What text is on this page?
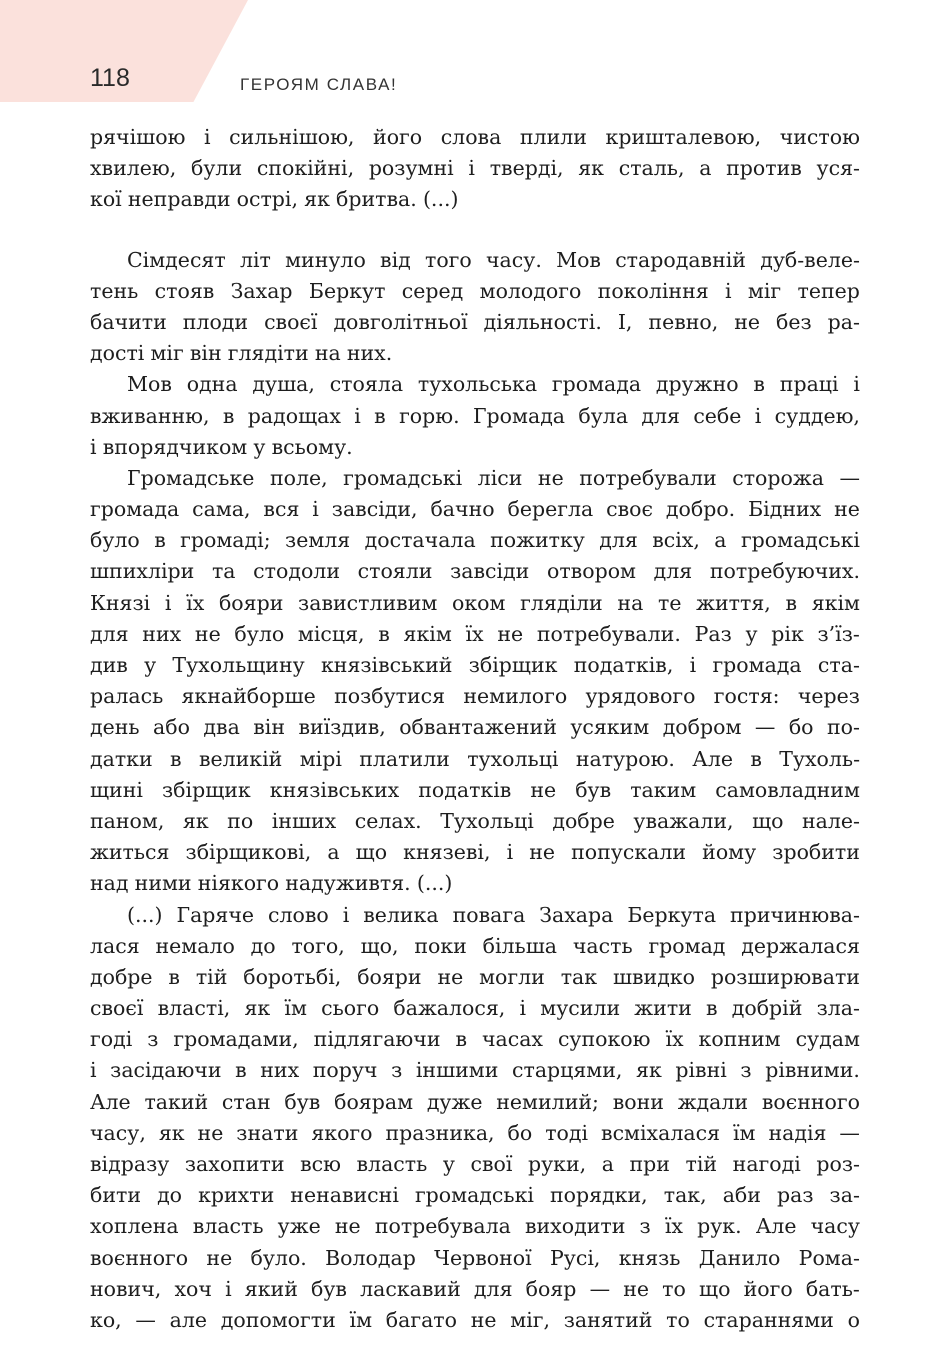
118	ГЕРОЯМ СЛАВА!
рячішою і сильнішою, його слова плили кришталевою, чистою
хвилею, були спокійні, розумні і тверді, як сталь, а против уся-
кої неправди острі, як бритва. (...)
Сімдесят літ минуло від того часу. Мов стародавній дуб-веле-
тень стояв Захар Беркут серед молодого покоління і міг тепер
бачити плоди своєї довголітньої діяльності. І, певно, не без ра-
дості міг він глядіти на них.
Мов одна душа, стояла тухольська громада дружно в праці і
вживанню, в радощах і в горю. Громада була для себе і суддею,
і впорядчиком у всьому.
Громадське поле, громадські ліси не потребували сторожа —
громада сама, вся і завсіди, бачно берегла своє добро. Бідних не
було в громаді; земля достачала пожитку для всіх, а громадські
шпихліри та стодоли стояли завсіди отвором для потребуючих.
Князі і їх бояри завистливим оком гляділи на те життя, в якім
для них не було місця, в якім їх не потребували. Раз у рік з’їз-
див у Тухольщину князівський збірщик податків, і громада ста-
ралась якнайборше позбутися немилого урядового гостя: через
день або два він виїздив, обвантажений усяким добром — бо по-
датки в великій мірі платили тухольці натурою. Але в Тухоль-
щині збірщик князівських податків не був таким самовладним
паном, як по інших селах. Тухольці добре уважали, що нале-
житься збірщикові, а що князеві, і не попускали йому зробити
над ними ніякого надуживтя. (...)
(...) Гаряче слово і велика повага Захара Беркута причинюва-
лася немало до того, що, поки більша часть громад держалася
добре в тій боротьбі, бояри не могли так швидко розширювати
своєї власті, як їм сього бажалося, і мусили жити в добрій зла-
годі з громадами, підлягаючи в часах супокою їх копним судам
і засідаючи в них поруч з іншими старцями, як рівні з рівними.
Але такий стан був боярам дуже немилий; вони ждали воєнного
часу, як не знати якого празника, бо тоді всміхалася їм надія —
відразу захопити всю власть у свої руки, а при тій нагоді роз-
бити до крихти ненависні громадські порядки, так, аби раз за-
хоплена власть уже не потребувала виходити з їх рук. Але часу
воєнного не було. Володар Червоної Русі, князь Данило Рома-
нович, хоч і який був ласкавий для бояр — не то що його бать-
ко, — але допомогти їм багато не міг, занятий то стараннями о
